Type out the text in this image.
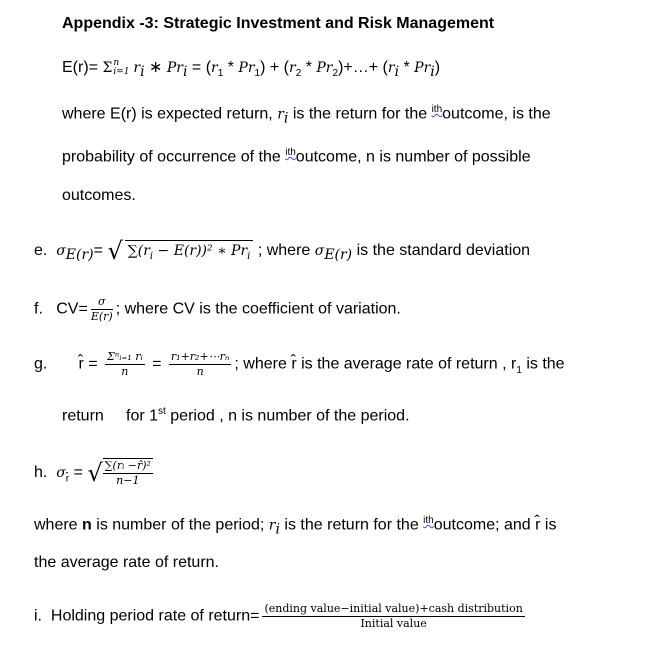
Appendix -3: Strategic Investment and Risk Management
E(r)= Σn i=1 $r_i$ ∗ $Pr_i = (r_1 * Pr_1) + (r_2$ * $Pr_2)+\dots+ (r_i * Pr_i)$
where E(r) is expected return, $r_i$ is the return for the $^{ith}$outcome, is the
probability of occurrence of the $^{ith}$outcome, n is number of possible
outcomes.
e. $\sigma_{E(r)}=$ √ $\sum(r_i - E(r))^2$ ∗ $Pr_i$ ; where $\sigma_{E(r)}$ is the standard deviation
f. $CV= \frac{\sigma}{E(r)}$ ; where CV is the coefficient of variation.
g. r̂ = $\frac{\text{Σⁿᵢ₌₁ rᵢ}}{n} = \frac{\text{r₁+r₂+⋯rₙ}}{n}$ ; where r̂ is the average rate of return , $r_1$ is the
return for 1st period , n is number of the period.
h. $\sigma_{r̂}$ = √ $\frac{\text{∑(rᵢ −r̂)²}}{n-1}$
where n is number of the period; $r_i$ is the return for the $^{ith}$outcome; and r̂ is
the average rate of return.
i. Holding period rate of return= $\frac{\text{(ending value−initial value)+cash distribution}}{\text{Initial value}}$
